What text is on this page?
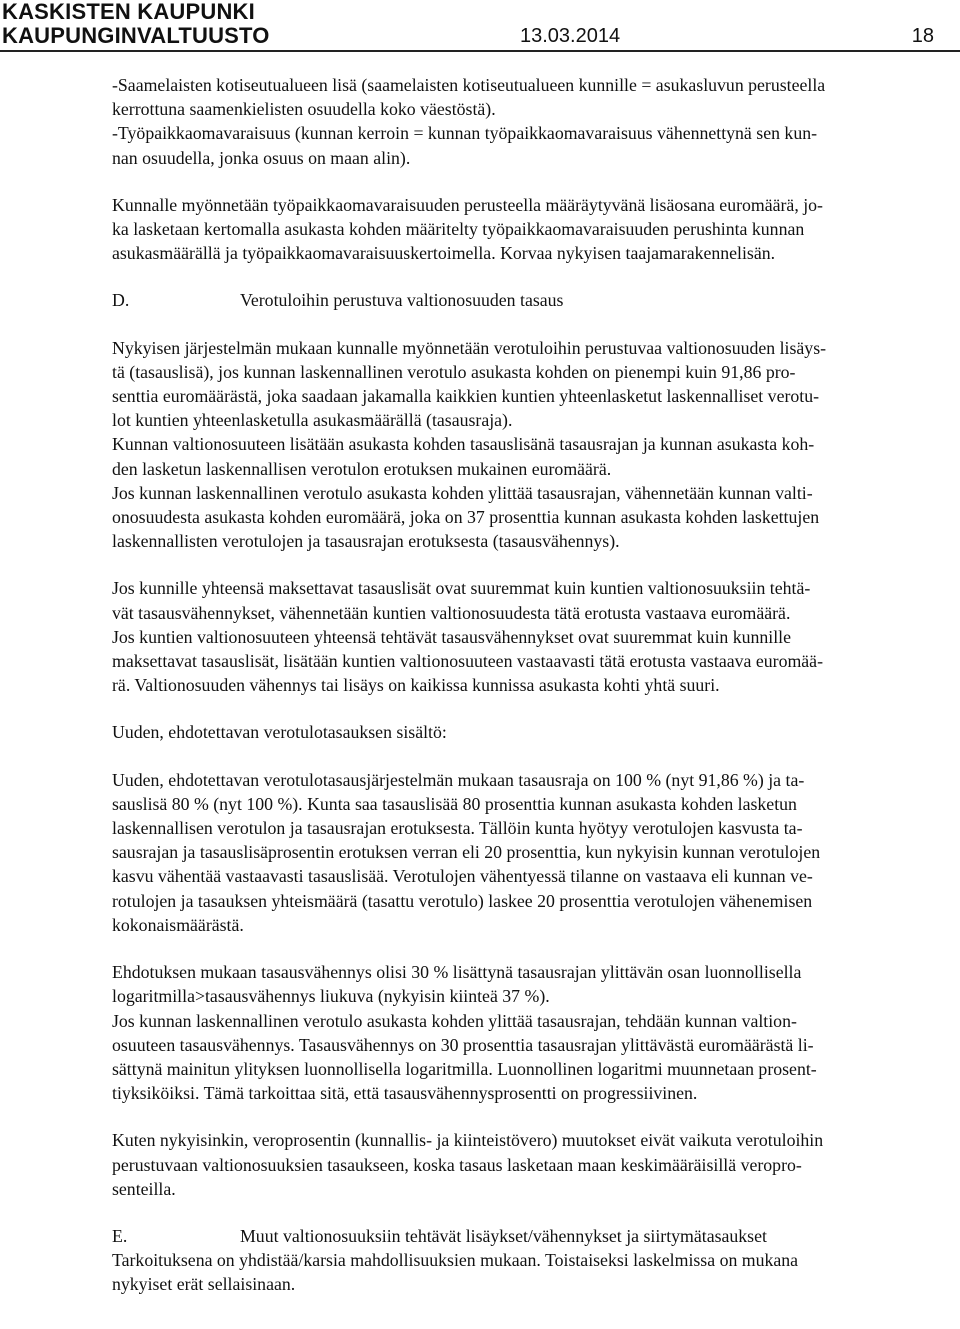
KASKISTEN KAUPUNKI
KAUPUNGINVALTUUSTO	13.03.2014	18

-Saamelaisten kotiseutualueen lisä (saamelaisten kotiseutualueen kunnille = asukasluvun perusteella
kerrottuna saamenkielisten osuudella koko väestöstä).
-Työpaikkaomavaraisuus (kunnan kerroin = kunnan työpaikkaomavaraisuus vähennettynä sen kun-
nan osuudella, jonka osuus on maan alin).

Kunnalle myönnetään työpaikkaomavaraisuuden perusteella määräytyvänä lisäosana euromäärä, jo-
ka lasketaan kertomalla asukasta kohden määritelty työpaikkaomavaraisuuden perushinta kunnan
asukasmäärällä ja työpaikkaomavaraisuuskertoimella. Korvaa nykyisen taajamarakennelisän.

D.	Verotuloihin perustuva valtionosuuden tasaus

Nykyisen järjestelmän mukaan kunnalle myönnetään verotuloihin perustuvaa valtionosuuden lisäys-
tä (tasauslisä), jos kunnan laskennallinen verotulo asukasta kohden on pienempi kuin 91,86 pro-
senttia euromäärästä, joka saadaan jakamalla kaikkien kuntien yhteenlasketut laskennalliset verotu-
lot kuntien yhteenlasketulla asukasmäärällä (tasausraja).
Kunnan valtionosuuteen lisätään asukasta kohden tasauslisänä tasausrajan ja kunnan asukasta koh-
den lasketun laskennallisen verotulon erotuksen mukainen euromäärä.
Jos kunnan laskennallinen verotulo asukasta kohden ylittää tasausrajan, vähennetään kunnan valti-
onosuudesta asukasta kohden euromäärä, joka on 37 prosenttia kunnan asukasta kohden laskettujen
laskennallisten verotulojen ja tasausrajan erotuksesta (tasausvähennys).

Jos kunnille yhteensä maksettavat tasauslisät ovat suuremmat kuin kuntien valtionosuuksiin tehtä-
vät tasausvähennykset, vähennetään kuntien valtionosuudesta tätä erotusta vastaava euromäärä.
Jos kuntien valtionosuuteen yhteensä tehtävät tasausvähennykset ovat suuremmat kuin kunnille
maksettavat tasauslisät, lisätään kuntien valtionosuuteen vastaavasti tätä erotusta vastaava euromää-
rä. Valtionosuuden vähennys tai lisäys on kaikissa kunnissa asukasta kohti yhtä suuri.

Uuden, ehdotettavan verotulotasauksen sisältö:

Uuden, ehdotettavan verotulotasausjärjestelmän mukaan tasausraja on 100 % (nyt 91,86 %) ja ta-
sauslisä 80 % (nyt 100 %). Kunta saa tasauslisää 80 prosenttia kunnan asukasta kohden lasketun
laskennallisen verotulon ja tasausrajan erotuksesta. Tällöin kunta hyötyy verotulojen kasvusta ta-
sausrajan ja tasauslisäprosentin erotuksen verran eli 20 prosenttia, kun nykyisin kunnan verotulojen
kasvu vähentää vastaavasti tasauslisää. Verotulojen vähentyessä tilanne on vastaava eli kunnan ve-
rotulojen ja tasauksen yhteismäärä (tasattu verotulo) laskee 20 prosenttia verotulojen vähenemisen
kokonaismäärästä.

Ehdotuksen mukaan tasausvähennys olisi 30 % lisättynä tasausrajan ylittävän osan luonnollisella
logaritmilla>tasausvähennys liukuva (nykyisin kiinteä 37 %).
Jos kunnan laskennallinen verotulo asukasta kohden ylittää tasausrajan, tehdään kunnan valtion-
osuuteen tasausvähennys. Tasausvähennys on 30 prosenttia tasausrajan ylittävästä euromäärästä li-
sättynä mainitun ylityksen luonnollisella logaritmilla. Luonnollinen logaritmi muunnetaan prosent-
tiyksiköiksi. Tämä tarkoittaa sitä, että tasausvähennysprosentti on progressiivinen.

Kuten nykyisinkin, veroprosentin (kunnallis- ja kiinteistövero) muutokset eivät vaikuta verotuloihin
perustuvaan valtionosuuksien tasaukseen, koska tasaus lasketaan maan keskimääräisillä veropro-
senteilla.

E.	Muut valtionosuuksiin tehtävät lisäykset/vähennykset ja siirtymätasaukset

Tarkoituksena on yhdistää/karsia mahdollisuuksien mukaan. Toistaiseksi laskelmissa on mukana
nykyiset erät sellaisinaan.
